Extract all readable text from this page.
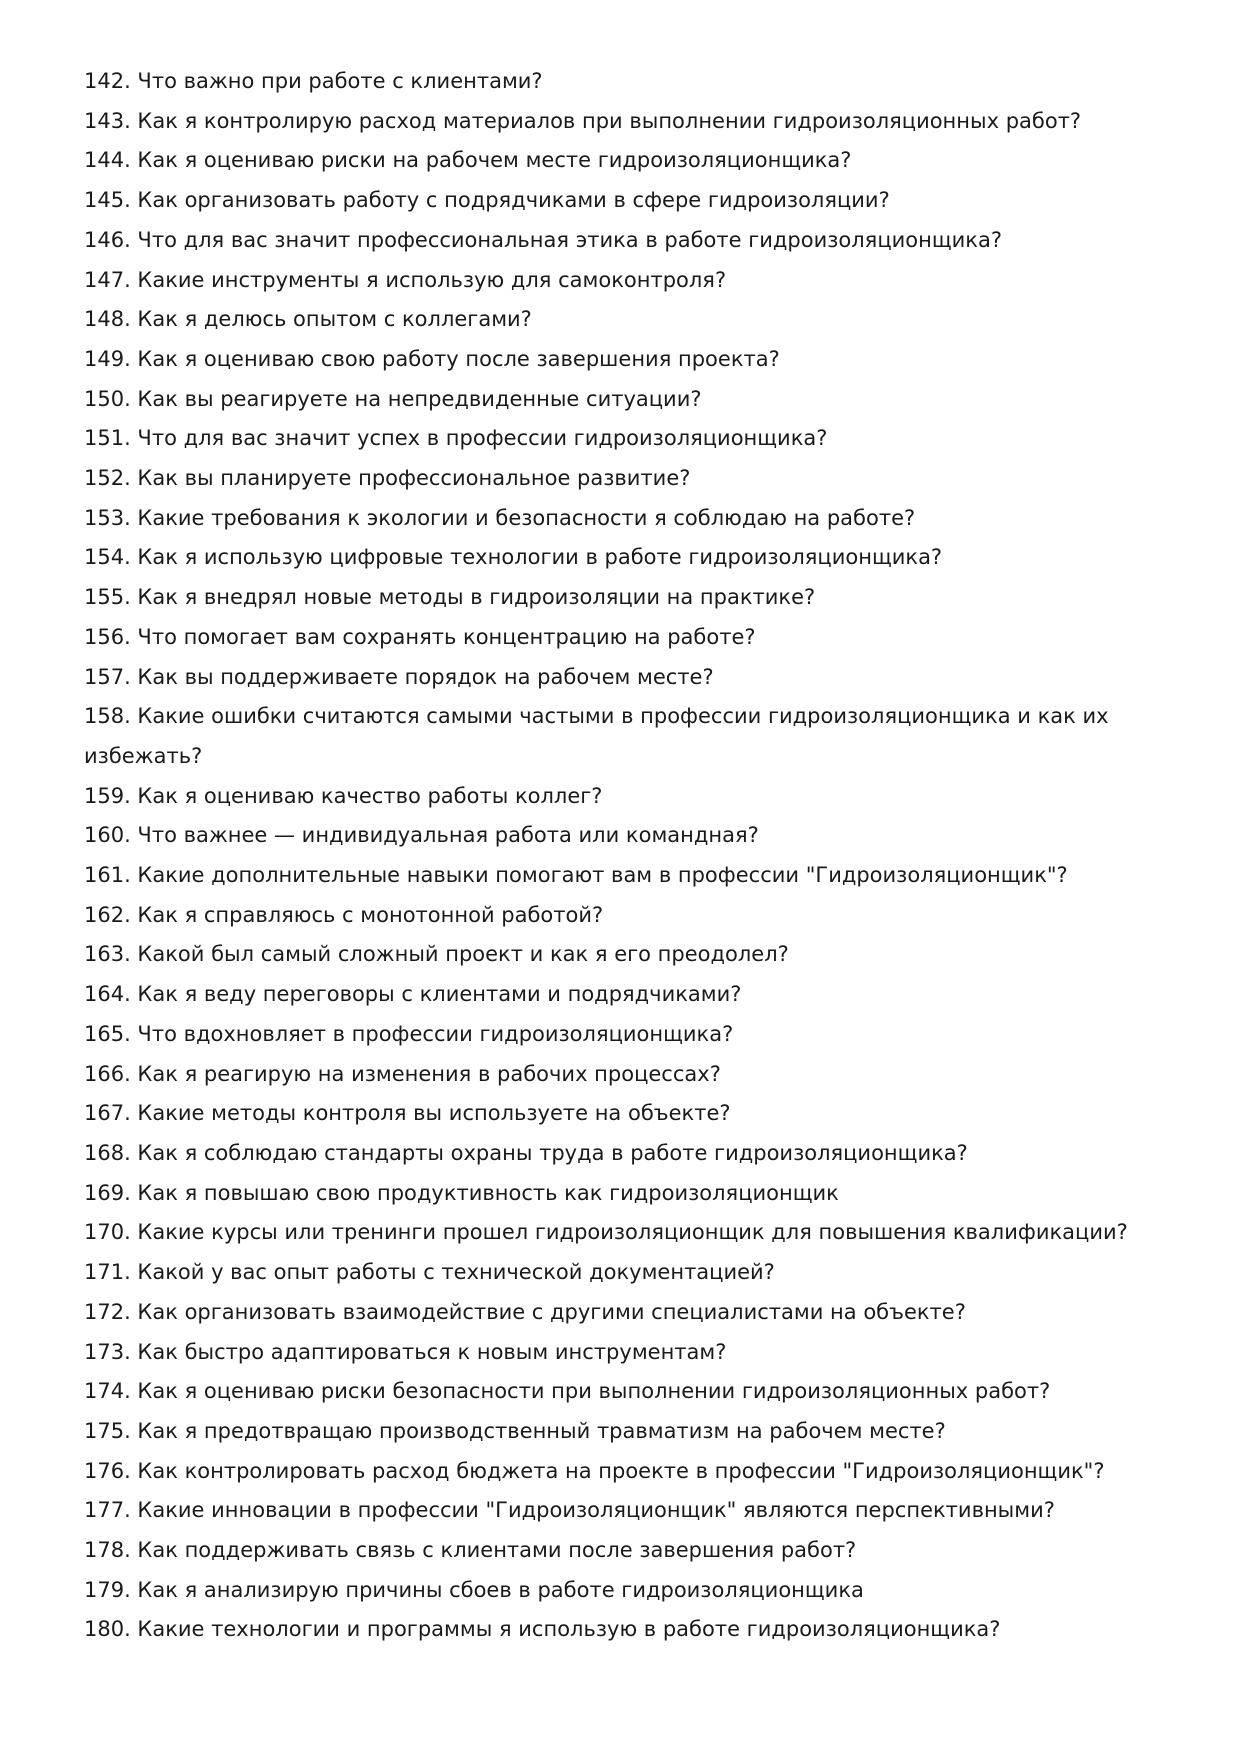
142. Что важно при работе с клиентами?

143. Как я контролирую расход материалов при выполнении гидроизоляционных работ?

144. Как я оцениваю риски на рабочем месте гидроизоляционщика?

145. Как организовать работу с подрядчиками в сфере гидроизоляции?

146. Что для вас значит профессиональная этика в работе гидроизоляционщика?

147. Какие инструменты я использую для самоконтроля?

148. Как я делюсь опытом с коллегами?

149. Как я оцениваю свою работу после завершения проекта?

150. Как вы реагируете на непредвиденные ситуации?

151. Что для вас значит успех в профессии гидроизоляционщика?

152. Как вы планируете профессиональное развитие?

153. Какие требования к экологии и безопасности я соблюдаю на работе?

154. Как я использую цифровые технологии в работе гидроизоляционщика?

155. Как я внедрял новые методы в гидроизоляции на практике?

156. Что помогает вам сохранять концентрацию на работе?

157. Как вы поддерживаете порядок на рабочем месте?

158. Какие ошибки считаются самыми частыми в профессии гидроизоляционщика и как их избежать?

159. Как я оцениваю качество работы коллег?

160. Что важнее — индивидуальная работа или командная?

161. Какие дополнительные навыки помогают вам в профессии "Гидроизоляционщик"?

162. Как я справляюсь с монотонной работой?

163. Какой был самый сложный проект и как я его преодолел?

164. Как я веду переговоры с клиентами и подрядчиками?

165. Что вдохновляет в профессии гидроизоляционщика?

166. Как я реагирую на изменения в рабочих процессах?

167. Какие методы контроля вы используете на объекте?

168. Как я соблюдаю стандарты охраны труда в работе гидроизоляционщика?

169. Как я повышаю свою продуктивность как гидроизоляционщик

170. Какие курсы или тренинги прошел гидроизоляционщик для повышения квалификации?

171. Какой у вас опыт работы с технической документацией?

172. Как организовать взаимодействие с другими специалистами на объекте?

173. Как быстро адаптироваться к новым инструментам?

174. Как я оцениваю риски безопасности при выполнении гидроизоляционных работ?

175. Как я предотвращаю производственный травматизм на рабочем месте?

176. Как контролировать расход бюджета на проекте в профессии "Гидроизоляционщик"?

177. Какие инновации в профессии "Гидроизоляционщик" являются перспективными?

178. Как поддерживать связь с клиентами после завершения работ?

179. Как я анализирую причины сбоев в работе гидроизоляционщика

180. Какие технологии и программы я использую в работе гидроизоляционщика?
